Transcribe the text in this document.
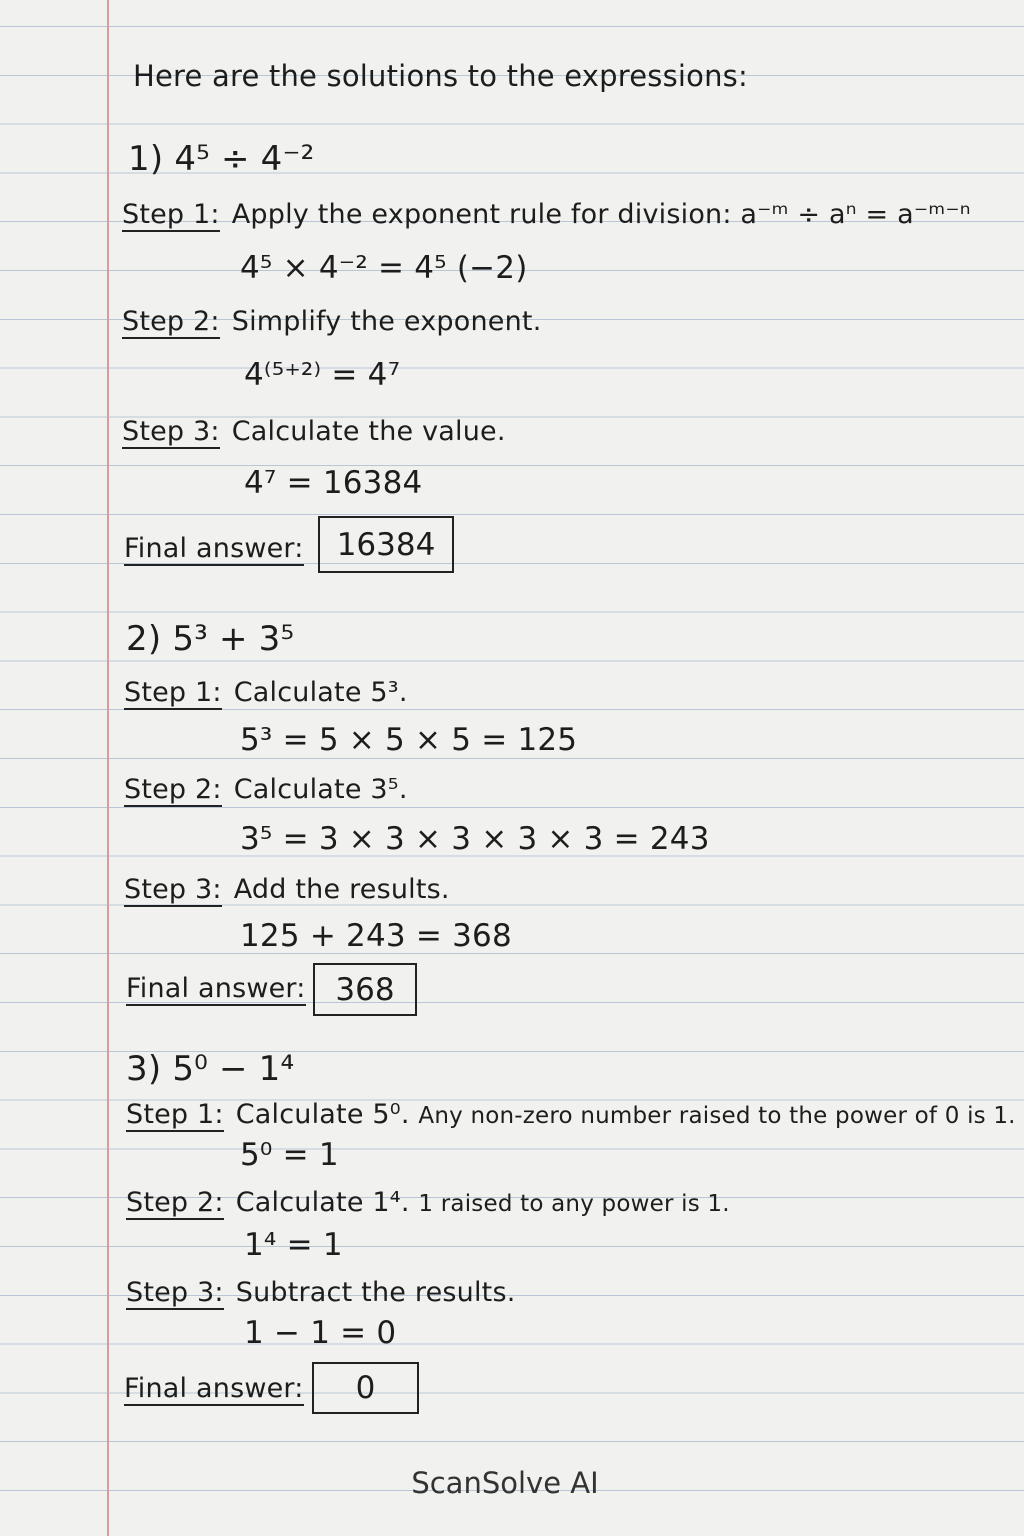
Here are the solutions to the expressions:
1) 4⁵ ÷ 4⁻²
Step 1: Apply the exponent rule for division: a⁻ᵐ ÷ aⁿ = a⁻ᵐ⁻ⁿ
4⁵ × 4⁻² = 4⁵ (−2)
Step 2: Simplify the exponent.
4⁽⁵⁺²⁾ = 4⁷
Step 3: Calculate the value.
4⁷ = 16384
Final answer:	16384
2) 5³ + 3⁵
Step 1: Calculate 5³.
5³ = 5 × 5 × 5 = 125
Step 2: Calculate 3⁵.
3⁵ = 3 × 3 × 3 × 3 × 3 = 243
Step 3: Add the results.
125 + 243 = 368
Final answer: 368
3) 5⁰ − 1⁴
Step 1: Calculate 5⁰. Any non-zero number raised to the power of 0 is 1.
5⁰ = 1
Step 2: Calculate 1⁴. 1 raised to any power is 1.
1⁴ = 1
Step 3: Subtract the results.
1 − 1 = 0
Final answer:	0
ScanSolve AI
